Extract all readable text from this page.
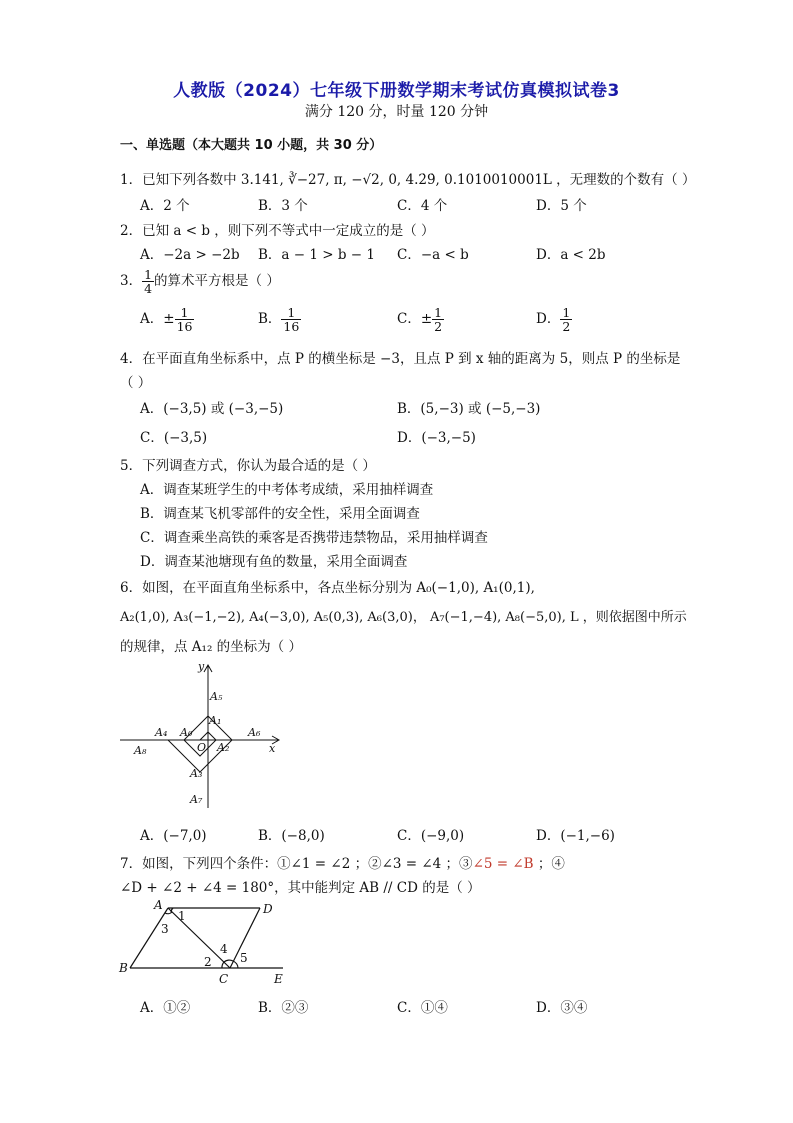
人教版（2024）七年级下册数学期末考试仿真模拟试卷3
满分 120 分，时量 120 分钟
一、单选题（本大题共 10 小题，共 30 分）
1．已知下列各数中 3.141, ∛−27, π, −√2, 0, 4.2̇9̇, 0.1010010001L ，无理数的个数有（ ）
A．2 个	B．3 个	C．4 个	D．5 个
2．已知 a < b ，则下列不等式中一定成立的是（ ）
A．−2a > −2b B．a − 1 > b − 1 C．−a < b	D．a < 2b
3． $\frac{1}{4}$ 的算术平方根是（ ）
A．± $\frac{1}{16}$	B． $\frac{1}{16}$	C．± $\frac{1}{2}$	D． $\frac{1}{2}$
4．在平面直角坐标系中，点 P 的横坐标是 −3，且点 P 到 x 轴的距离为 5，则点 P 的坐标是
（ ）
A．(−3,5) 或 (−3,−5)	B．(5,−3) 或 (−5,−3)
C．(−3,5)	D．(−3,−5)
5．下列调查方式，你认为最合适的是（ ）
A．调查某班学生的中考体考成绩，采用抽样调查
B．调查某飞机零部件的安全性，采用全面调查
C．调查乘坐高铁的乘客是否携带违禁物品，采用抽样调查
D．调查某池塘现有鱼的数量，采用全面调查
6．如图，在平面直角坐标系中，各点坐标分别为 A₀(−1,0), A₁(0,1),
A₂(1,0), A₃(−1,−2), A₄(−3,0), A₅(0,3), A₆(3,0)， A₇(−1,−4), A₈(−5,0), L ，则依据图中所示
的规律，点 A₁₂ 的坐标为（ ）
y
x
O
A₀
A₁
A₂
A₃
A₄
A₅
A₆
A₇
A₈
A．(−7,0)	B．(−8,0)	C．(−9,0)	D．(−1,−6)
7．如图，下列四个条件：①∠1 = ∠2 ；②∠3 = ∠4 ；③∠5 = ∠B ；④
∠D + ∠2 + ∠4 = 180°，其中能判定 AB // CD 的是（ ）
A
B
C
D
E
1
3
2
4
5
A．①②	B．②③	C．①④	D．③④
